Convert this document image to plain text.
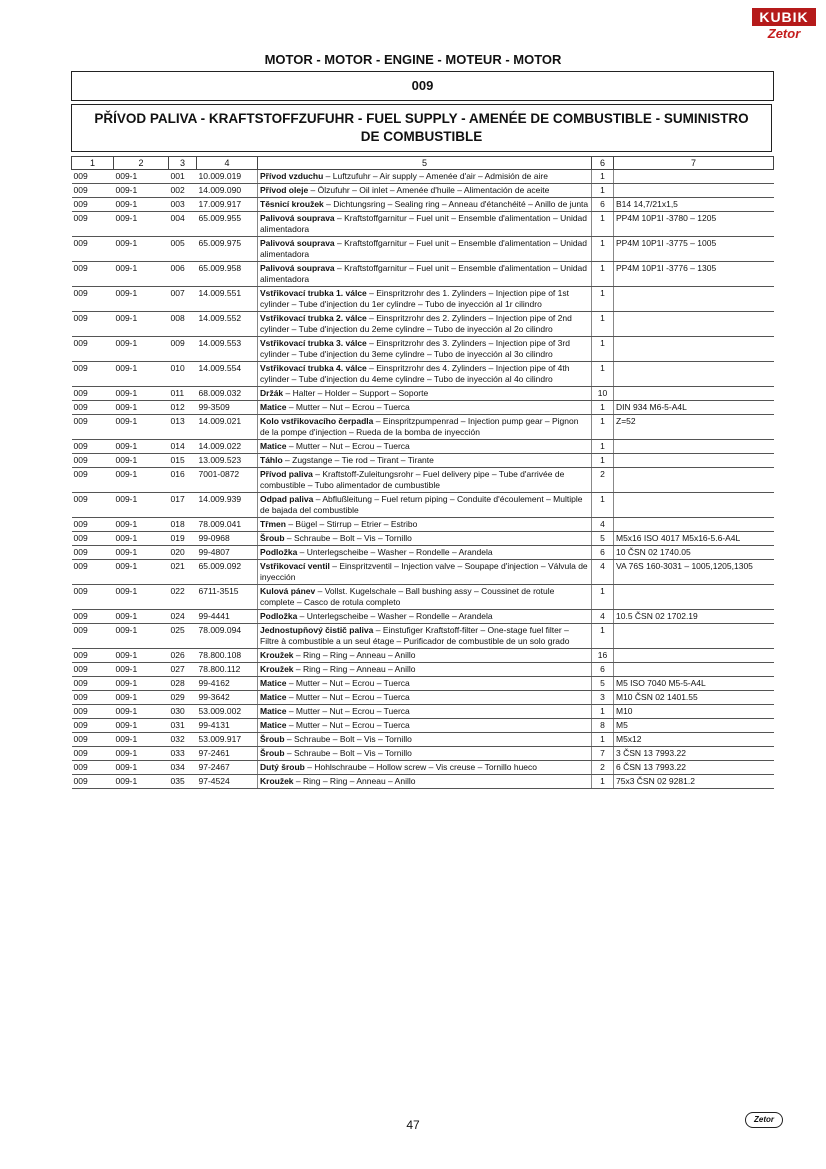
KUBIK
Zetor
MOTOR - MOTOR - ENGINE - MOTEUR - MOTOR
009
PŘÍVOD PALIVA - KRAFTSTOFFZUFUHR - FUEL SUPPLY - AMENÉE DE COMBUSTIBLE - SUMINISTRO
DE COMBUSTIBLE
1	2	3	4	5	6	7
009	009-1	001	10.009.019	Přívod vzduchu – Luftzufuhr – Air supply – Amenée d'air – Admisión de aire	1	
009	009-1	002	14.009.090	Přívod oleje – Ölzufuhr – Oil inlet – Amenée d'huile – Alimentación de aceite	1	
009	009-1	003	17.009.917	Těsnicí kroužek – Dichtungsring – Sealing ring – Anneau d'étanchéité – Anillo de junta	6	B14 14,7/21x1,5
009	009-1	004	65.009.955	Palivová souprava – Kraftstoffgarnitur – Fuel unit – Ensemble d'alimentation – Unidad alimentadora	1	PP4M 10P1I -3780 – 1205
009	009-1	005	65.009.975	Palivová souprava – Kraftstoffgarnitur – Fuel unit – Ensemble d'alimentation – Unidad alimentadora	1	PP4M 10P1I -3775 – 1005
009	009-1	006	65.009.958	Palivová souprava – Kraftstoffgarnitur – Fuel unit – Ensemble d'alimentation – Unidad alimentadora	1	PP4M 10P1I -3776 – 1305
009	009-1	007	14.009.551	Vstřikovací trubka 1. válce – Einspritzrohr des 1. Zylinders – Injection pipe of 1st cylinder – Tube d'injection du 1er cylindre – Tubo de inyección al 1r cilindro	1	
009	009-1	008	14.009.552	Vstřikovací trubka 2. válce – Einspritzrohr des 2. Zylinders – Injection pipe of 2nd cylinder – Tube d'injection du 2eme cylindre – Tubo de inyección al 2o cilindro	1	
009	009-1	009	14.009.553	Vstřikovací trubka 3. válce – Einspritzrohr des 3. Zylinders – Injection pipe of 3rd cylinder – Tube d'injection du 3eme cylindre – Tubo de inyección al 3o cilindro	1	
009	009-1	010	14.009.554	Vstřikovací trubka 4. válce – Einspritzrohr des 4. Zylinders – Injection pipe of 4th cylinder – Tube d'injection du 4eme cylindre – Tubo de inyección al 4o cilindro	1	
009	009-1	011	68.009.032	Držák – Halter – Holder – Support – Soporte	10	
009	009-1	012	99-3509	Matice – Mutter – Nut – Ecrou – Tuerca	1	DIN 934 M6-5-A4L
009	009-1	013	14.009.021	Kolo vstřikovacího čerpadla – Einspritzpumpenrad – Injection pump gear – Pignon de la pompe d'injection – Rueda de la bomba de inyección	1	Z=52
009	009-1	014	14.009.022	Matice – Mutter – Nut – Ecrou – Tuerca	1	
009	009-1	015	13.009.523	Táhlo – Zugstange – Tie rod – Tirant – Tirante	1	
009	009-1	016	7001-0872	Přívod paliva – Kraftstoff-Zuleitungsrohr – Fuel delivery pipe – Tube d'arrivée de combustible – Tubo alimentador de cumbustible	2	
009	009-1	017	14.009.939	Odpad paliva – Abflußleitung – Fuel return piping – Conduite d'écoulement – Multiple de bajada del combustible	1	
009	009-1	018	78.009.041	Třmen – Bügel – Stirrup – Etrier – Estribo	4	
009	009-1	019	99-0968	Šroub – Schraube – Bolt – Vis – Tornillo	5	M5x16 ISO 4017 M5x16-5.6-A4L
009	009-1	020	99-4807	Podložka – Unterlegscheibe – Washer – Rondelle – Arandela	6	10 ČSN 02 1740.05
009	009-1	021	65.009.092	Vstřikovací ventil – Einspritzventil – Injection valve – Soupape d'injection – Válvula de inyección	4	VA 76S 160-3031 – 1005,1205,1305
009	009-1	022	6711-3515	Kulová pánev – Vollst. Kugelschale – Ball bushing assy – Coussinet de rotule complete – Casco de rotula completo	1	
009	009-1	024	99-4441	Podložka – Unterlegscheibe – Washer – Rondelle – Arandela	4	10.5 ČSN 02 1702.19
009	009-1	025	78.009.094	Jednostupňový čistič paliva – Einstufiger Kraftstoff-filter – One-stage fuel filter – Filtre à combustible a un seul étage – Purificador de combustible de un solo grado	1	
009	009-1	026	78.800.108	Kroužek – Ring – Ring – Anneau – Anillo	16	
009	009-1	027	78.800.112	Kroužek – Ring – Ring – Anneau – Anillo	6	
009	009-1	028	99-4162	Matice – Mutter – Nut – Ecrou – Tuerca	5	M5 ISO 7040 M5-5-A4L
009	009-1	029	99-3642	Matice – Mutter – Nut – Ecrou – Tuerca	3	M10 ČSN 02 1401.55
009	009-1	030	53.009.002	Matice – Mutter – Nut – Ecrou – Tuerca	1	M10
009	009-1	031	99-4131	Matice – Mutter – Nut – Ecrou – Tuerca	8	M5
009	009-1	032	53.009.917	Šroub – Schraube – Bolt – Vis – Tornillo	1	M5x12
009	009-1	033	97-2461	Šroub – Schraube – Bolt – Vis – Tornillo	7	3 ČSN 13 7993.22
009	009-1	034	97-2467	Dutý šroub – Hohlschraube – Hollow screw – Vis creuse – Tornillo hueco	2	6 ČSN 13 7993.22
009	009-1	035	97-4524	Kroužek – Ring – Ring – Anneau – Anillo	1	75x3 ČSN 02 9281.2
47	Zetor
